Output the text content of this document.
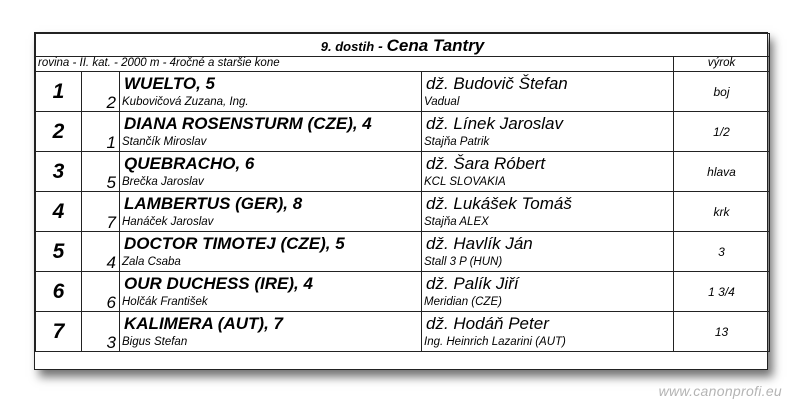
9. dostih - Cena Tantry				
rovina - II. kat. - 2000 m - 4ročné a staršie kone				výrok
1		WUELTO, 5	dž. Budovič Štefan	boj
	2	Kubovičová Zuzana, Ing.	Vadual	
2		DIANA ROSENSTURM (CZE), 4	dž. Línek Jaroslav	1/2
	1	Stančík Miroslav	Stajňa Patrik	
3		QUEBRACHO, 6	dž. Šara Róbert	hlava
	5	Brečka Jaroslav	KCL SLOVAKIA	
4		LAMBERTUS (GER), 8	dž. Lukášek Tomáš	krk
	7	Hanáček Jaroslav	Stajňa ALEX	
5		DOCTOR TIMOTEJ (CZE), 5	dž. Havlík Ján	3
	4	Zala Csaba	Stall 3 P (HUN)	
6		OUR DUCHESS (IRE), 4	dž. Palík Jiří	1 3/4
	6	Holčák František	Meridian (CZE)	
7		KALIMERA (AUT), 7	dž. Hodáň Peter	13
	3	Bigus Stefan	Ing. Heinrich Lazarini (AUT)	
www.canonprofi.eu
